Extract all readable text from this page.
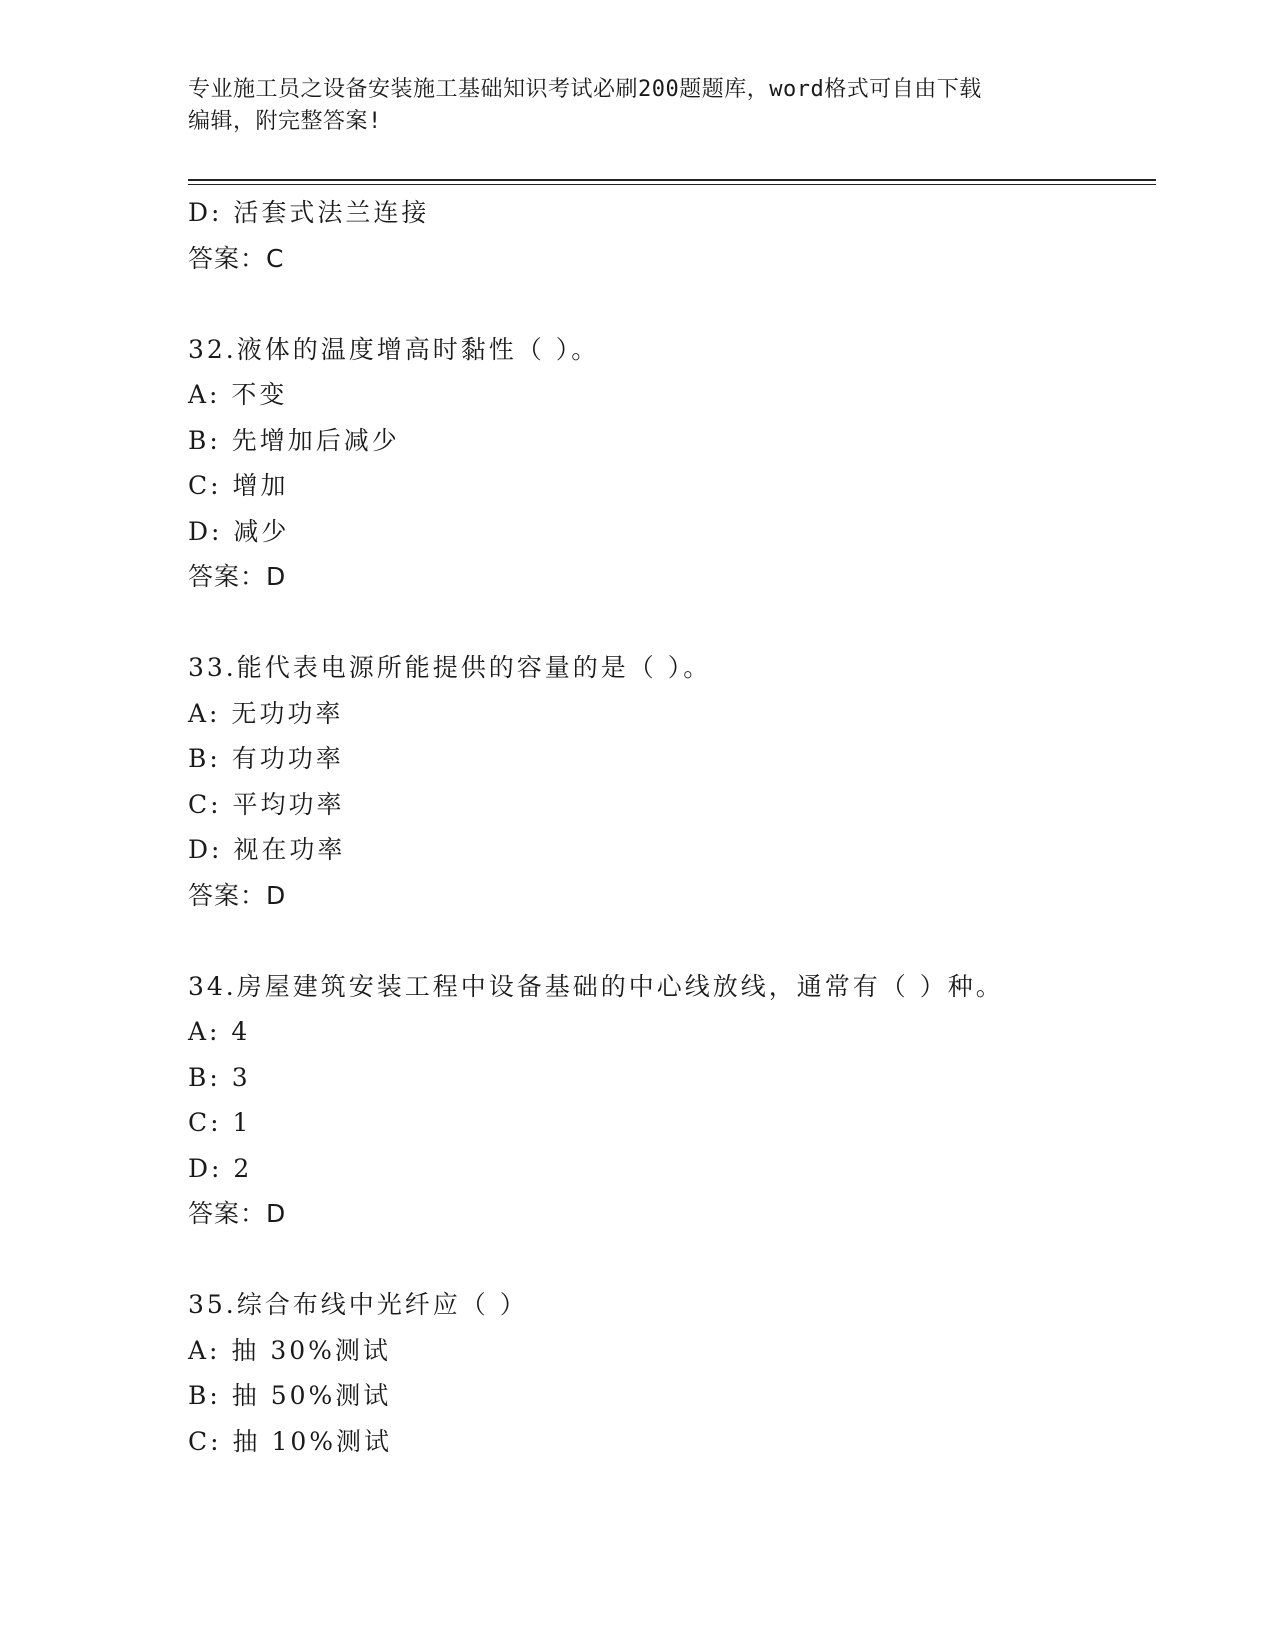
专业施工员之设备安装施工基础知识考试必刷200题题库，word格式可自由下载
编辑，附完整答案!
D: 活套式法兰连接
答案：C
32.液体的温度增高时黏性（ ）。
A: 不变
B: 先增加后减少
C: 增加
D: 减少
答案：D
33.能代表电源所能提供的容量的是（ ）。
A: 无功功率
B: 有功功率
C: 平均功率
D: 视在功率
答案：D
34.房屋建筑安装工程中设备基础的中心线放线，通常有（ ）种。
A: 4
B: 3
C: 1
D: 2
答案：D
35.综合布线中光纤应（ ）
A: 抽 30%测试
B: 抽 50%测试
C: 抽 10%测试
